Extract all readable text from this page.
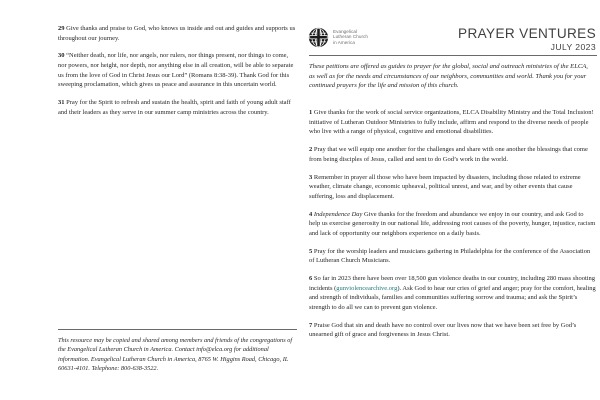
29 Give thanks and praise to God, who knows us inside and out and guides and supports us throughout our journey.
30 “Neither death, nor life, nor angels, nor rulers, nor things present, nor things to come, nor powers, nor height, nor depth, nor anything else in all creation, will be able to separate us from the love of God in Christ Jesus our Lord” (Romans 8:38-39). Thank God for this sweeping proclamation, which gives us peace and assurance in this uncertain world.
31 Pray for the Spirit to refresh and sustain the health, spirit and faith of young adult staff and their leaders as they serve in our summer camp ministries across the country.
This resource may be copied and shared among members and friends of the congregations of the Evangelical Lutheran Church in America. Contact info@elca.org for additional information. Evangelical Lutheran Church in America, 8765 W. Higgins Road, Chicago, IL 60631-4101. Telephone: 800-638-3522.
Evangelical
Lutheran Church
in America
PRAYER VENTURES
JULY 2023
These petitions are offered as guides to prayer for the global, social and outreach ministries of the ELCA, as well as for the needs and circumstances of our neighbors, communities and world. Thank you for your continued prayers for the life and mission of this church.
1 Give thanks for the work of social service organizations, ELCA Disability Ministry and the Total Inclusion! initiative of Lutheran Outdoor Ministries to fully include, affirm and respond to the diverse needs of people who live with a range of physical, cognitive and emotional disabilities.
2 Pray that we will equip one another for the challenges and share with one another the blessings that come from being disciples of Jesus, called and sent to do God’s work in the world.
3 Remember in prayer all those who have been impacted by disasters, including those related to extreme weather, climate change, economic upheaval, political unrest, and war, and by other events that cause suffering, loss and displacement.
4 Independence Day Give thanks for the freedom and abundance we enjoy in our country, and ask God to help us exercise generosity in our national life, addressing root causes of the poverty, hunger, injustice, racism and lack of opportunity our neighbors experience on a daily basis.
5 Pray for the worship leaders and musicians gathering in Philadelphia for the conference of the Association of Lutheran Church Musicians.
6 So far in 2023 there have been over 18,500 gun violence deaths in our country, including 280 mass shooting incidents (gunviolencearchive.org). Ask God to hear our cries of grief and anger; pray for the comfort, healing and strength of individuals, families and communities suffering sorrow and trauma; and ask the Spirit’s strength to do all we can to prevent gun violence.
7 Praise God that sin and death have no control over our lives now that we have been set free by God’s unearned gift of grace and forgiveness in Jesus Christ.
